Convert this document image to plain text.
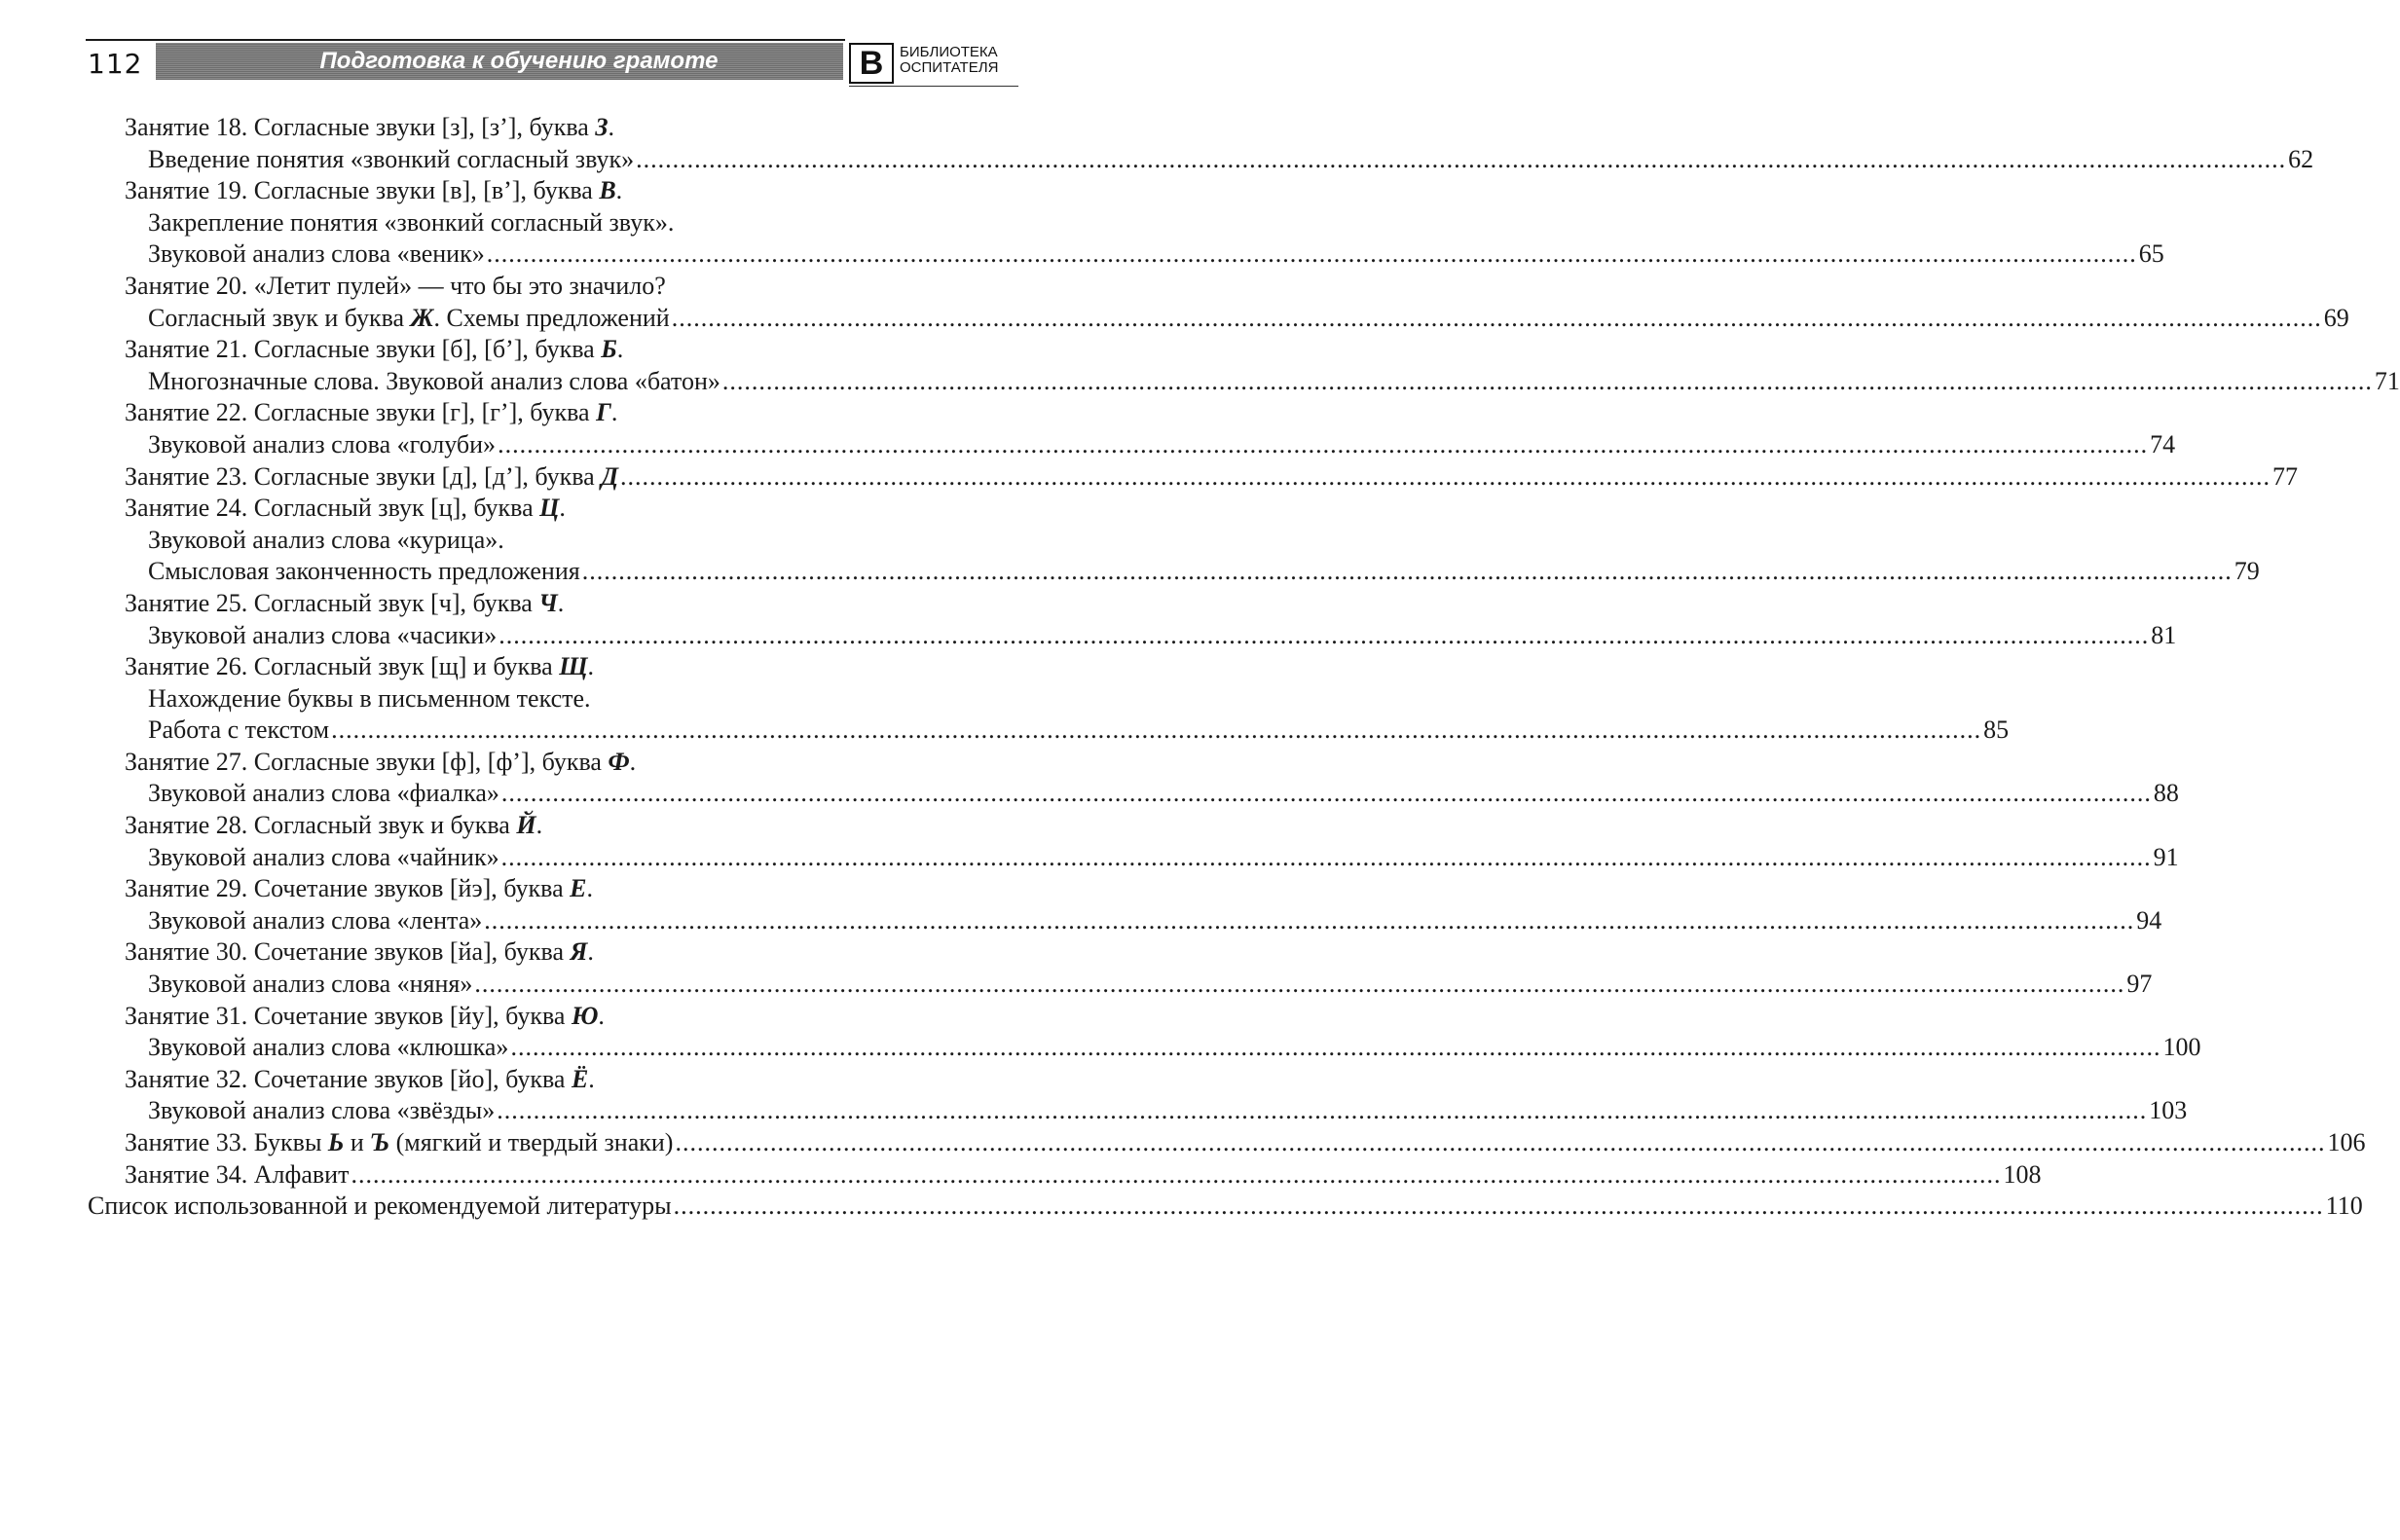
112	Подготовка к обучению грамоте	В	БИБЛИОТЕКА
ОСПИТАТЕЛЯ
Занятие 18. Согласные звуки [з], [з’], буква З.
Введение понятия «звонкий согласный звук» .....	62
Занятие 19. Согласные звуки [в], [в’], буква В.
Закрепление понятия «звонкий согласный звук».
Звуковой анализ слова «веник» .....	65
Занятие 20. «Летит пулей» — что бы это значило?
Согласный звук и буква Ж. Схемы предложений .....	69
Занятие 21. Согласные звуки [б], [б’], буква Б.
Многозначные слова. Звуковой анализ слова «батон» .....	71
Занятие 22. Согласные звуки [г], [г’], буква Г.
Звуковой анализ слова «голуби» .....	74
Занятие 23. Согласные звуки [д], [д’], буква Д .....	77
Занятие 24. Согласный звук [ц], буква Ц.
Звуковой анализ слова «курица».
Смысловая законченность предложения .....	79
Занятие 25. Согласный звук [ч], буква Ч.
Звуковой анализ слова «часики» .....	81
Занятие 26. Согласный звук [щ] и буква Щ.
Нахождение буквы в письменном тексте.
Работа с текстом .....	85
Занятие 27. Согласные звуки [ф], [ф’], буква Ф.
Звуковой анализ слова «фиалка» .....	88
Занятие 28. Согласный звук и буква Й.
Звуковой анализ слова «чайник» .....	91
Занятие 29. Сочетание звуков [йэ], буква Е.
Звуковой анализ слова «лента» .....	94
Занятие 30. Сочетание звуков [йа], буква Я.
Звуковой анализ слова «няня» .....	97
Занятие 31. Сочетание звуков [йу], буква Ю.
Звуковой анализ слова «клюшка» .....	100
Занятие 32. Сочетание звуков [йо], буква Ё.
Звуковой анализ слова «звёзды» .....	103
Занятие 33. Буквы Ь и Ъ (мягкий и твердый знаки) .....	106
Занятие 34. Алфавит .....	108
Список использованной и рекомендуемой литературы .....	110
